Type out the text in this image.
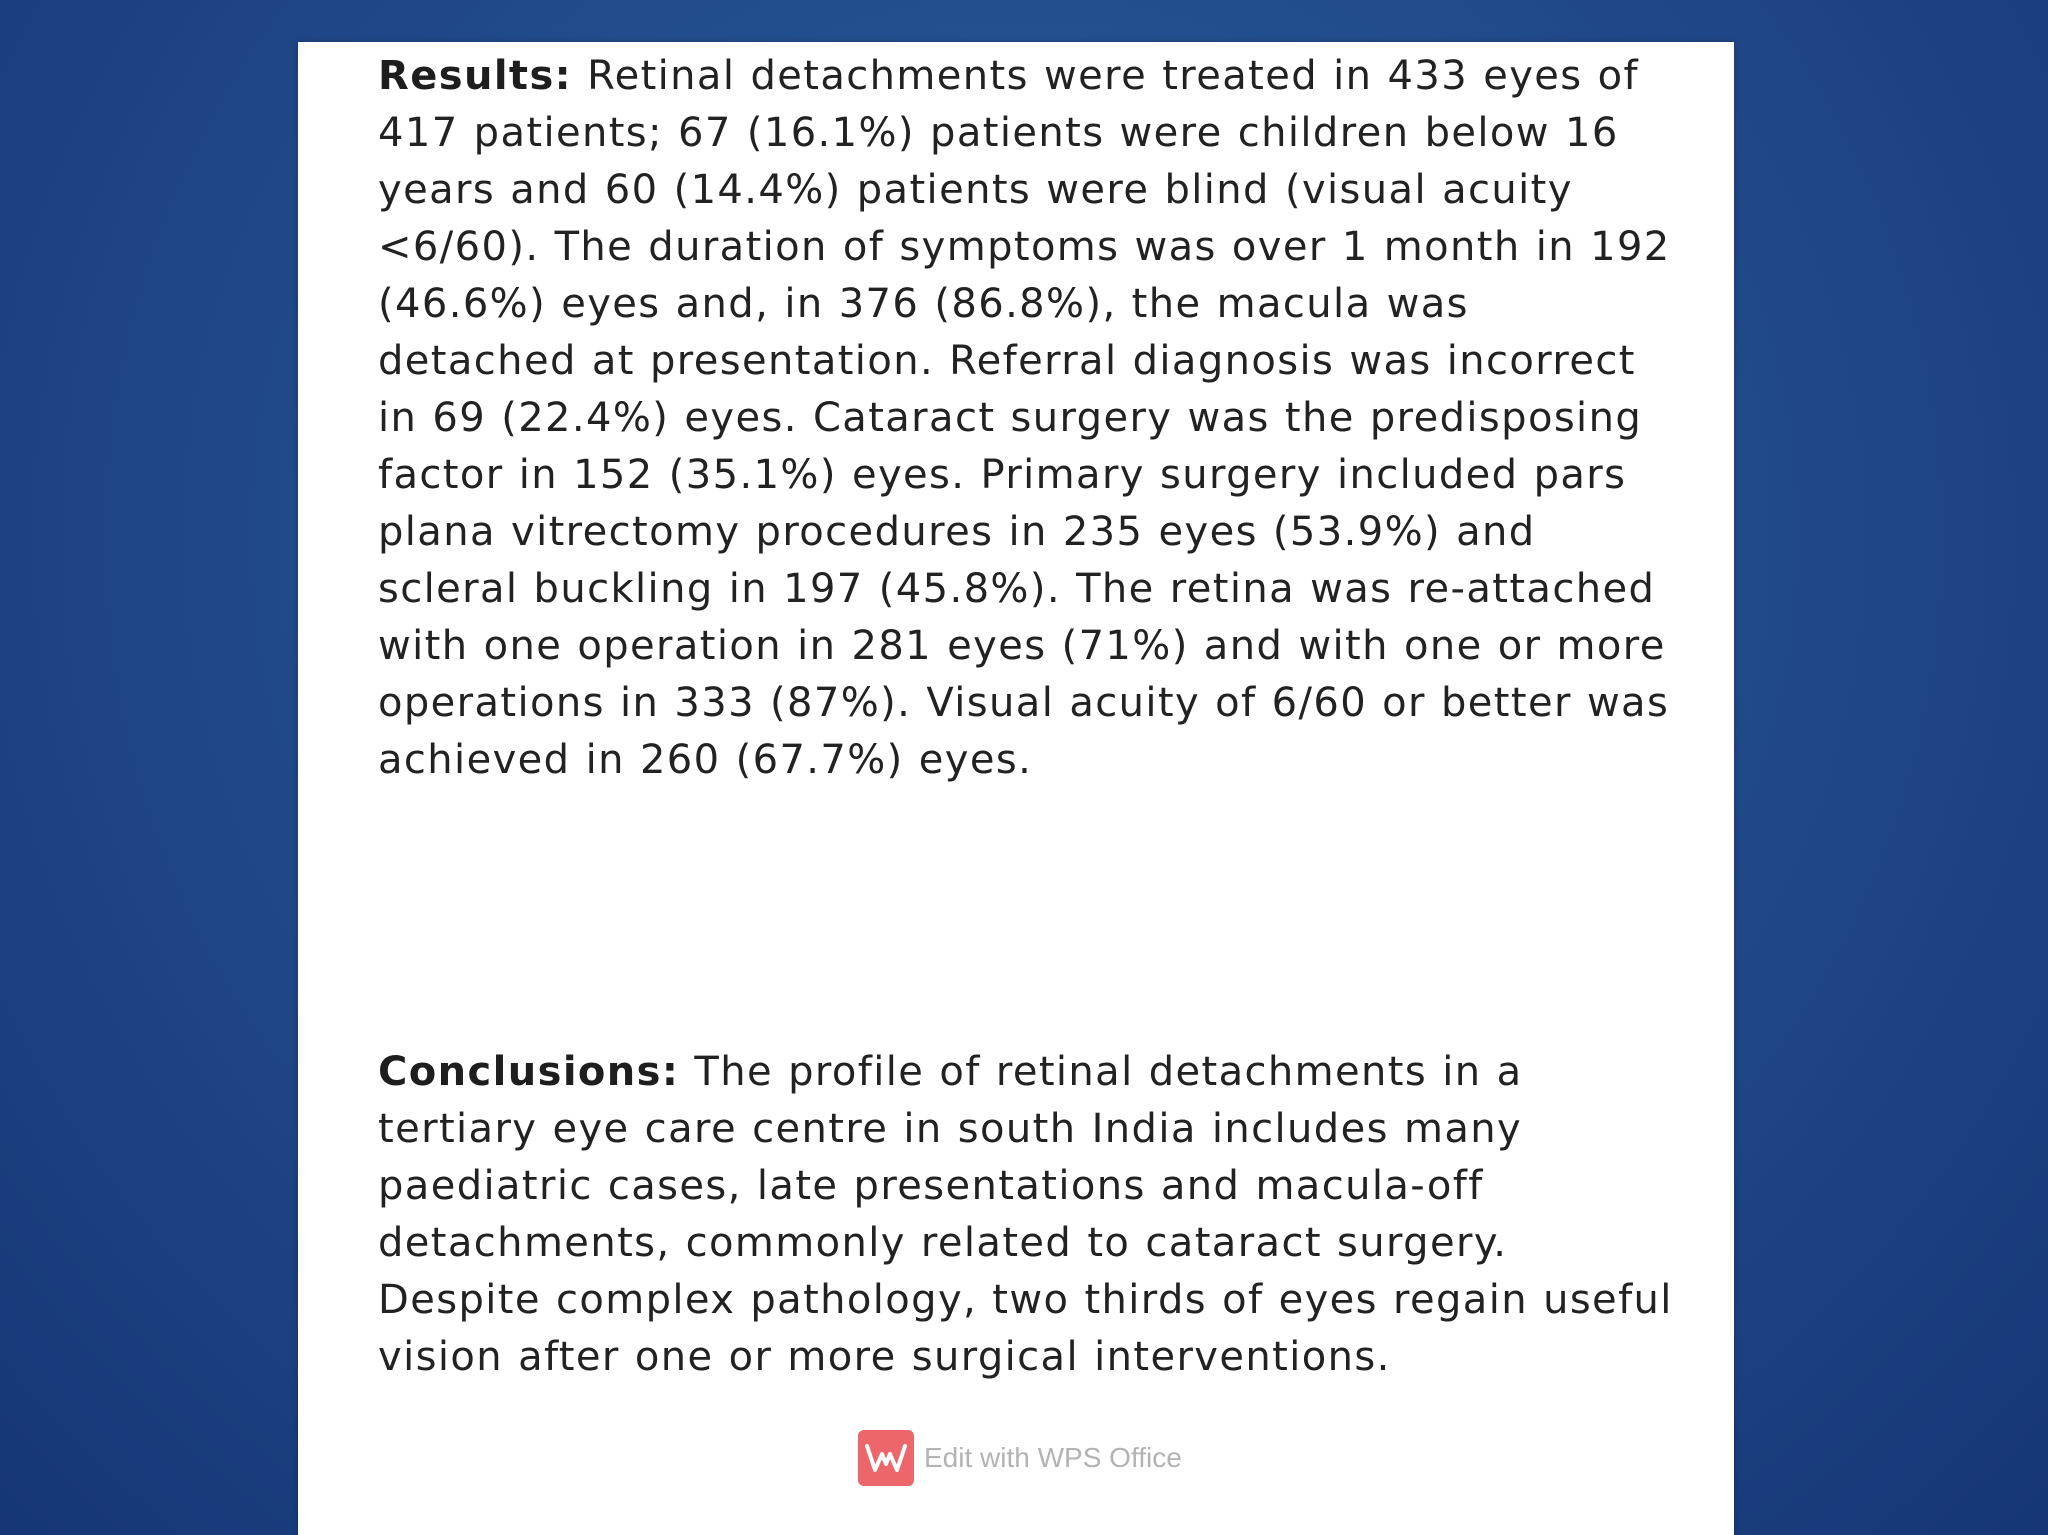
Results: Retinal detachments were treated in 433 eyes of 417 patients; 67 (16.1%) patients were children below 16 years and 60 (14.4%) patients were blind (visual acuity <6/60). The duration of symptoms was over 1 month in 192 (46.6%) eyes and, in 376 (86.8%), the macula was detached at presentation. Referral diagnosis was incorrect in 69 (22.4%) eyes. Cataract surgery was the predisposing factor in 152 (35.1%) eyes. Primary surgery included pars plana vitrectomy procedures in 235 eyes (53.9%) and scleral buckling in 197 (45.8%). The retina was re-attached with one operation in 281 eyes (71%) and with one or more operations in 333 (87%). Visual acuity of 6/60 or better was achieved in 260 (67.7%) eyes.
Conclusions: The profile of retinal detachments in a tertiary eye care centre in south India includes many paediatric cases, late presentations and macula-off detachments, commonly related to cataract surgery. Despite complex pathology, two thirds of eyes regain useful vision after one or more surgical interventions.
Edit with WPS Office
